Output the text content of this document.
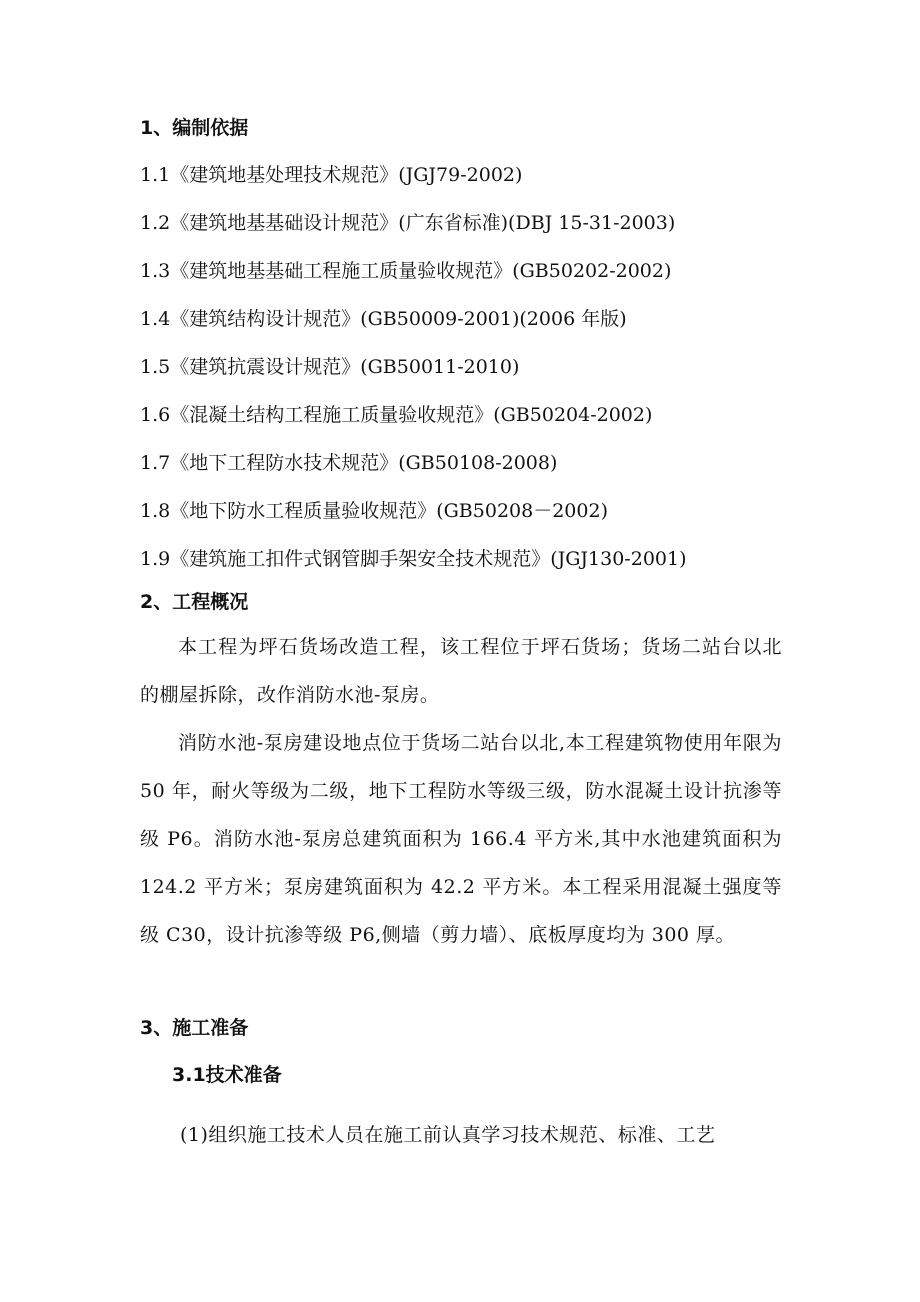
1、编制依据
1.1《建筑地基处理技术规范》(JGJ79-2002)
1.2《建筑地基基础设计规范》(广东省标准)(DBJ 15-31-2003)
1.3《建筑地基基础工程施工质量验收规范》(GB50202-2002)
1.4《建筑结构设计规范》(GB50009-2001)(2006 年版)
1.5《建筑抗震设计规范》(GB50011-2010)
1.6《混凝土结构工程施工质量验收规范》(GB50204-2002)
1.7《地下工程防水技术规范》(GB50108-2008)
1.8《地下防水工程质量验收规范》(GB50208－2002)
1.9《建筑施工扣件式钢管脚手架安全技术规范》(JGJ130-2001)
2、工程概况
本工程为坪石货场改造工程，该工程位于坪石货场；货场二站台以北的棚屋拆除，改作消防水池-泵房。
消防水池-泵房建设地点位于货场二站台以北,本工程建筑物使用年限为 50 年，耐火等级为二级，地下工程防水等级三级，防水混凝土设计抗渗等级 P6。消防水池-泵房总建筑面积为 166.4 平方米,其中水池建筑面积为 124.2 平方米；泵房建筑面积为 42.2 平方米。本工程采用混凝土强度等级 C30，设计抗渗等级 P6,侧墙（剪力墙）、底板厚度均为 300 厚。
3、施工准备
3.1技术准备
(1)组织施工技术人员在施工前认真学习技术规范、标准、工艺
